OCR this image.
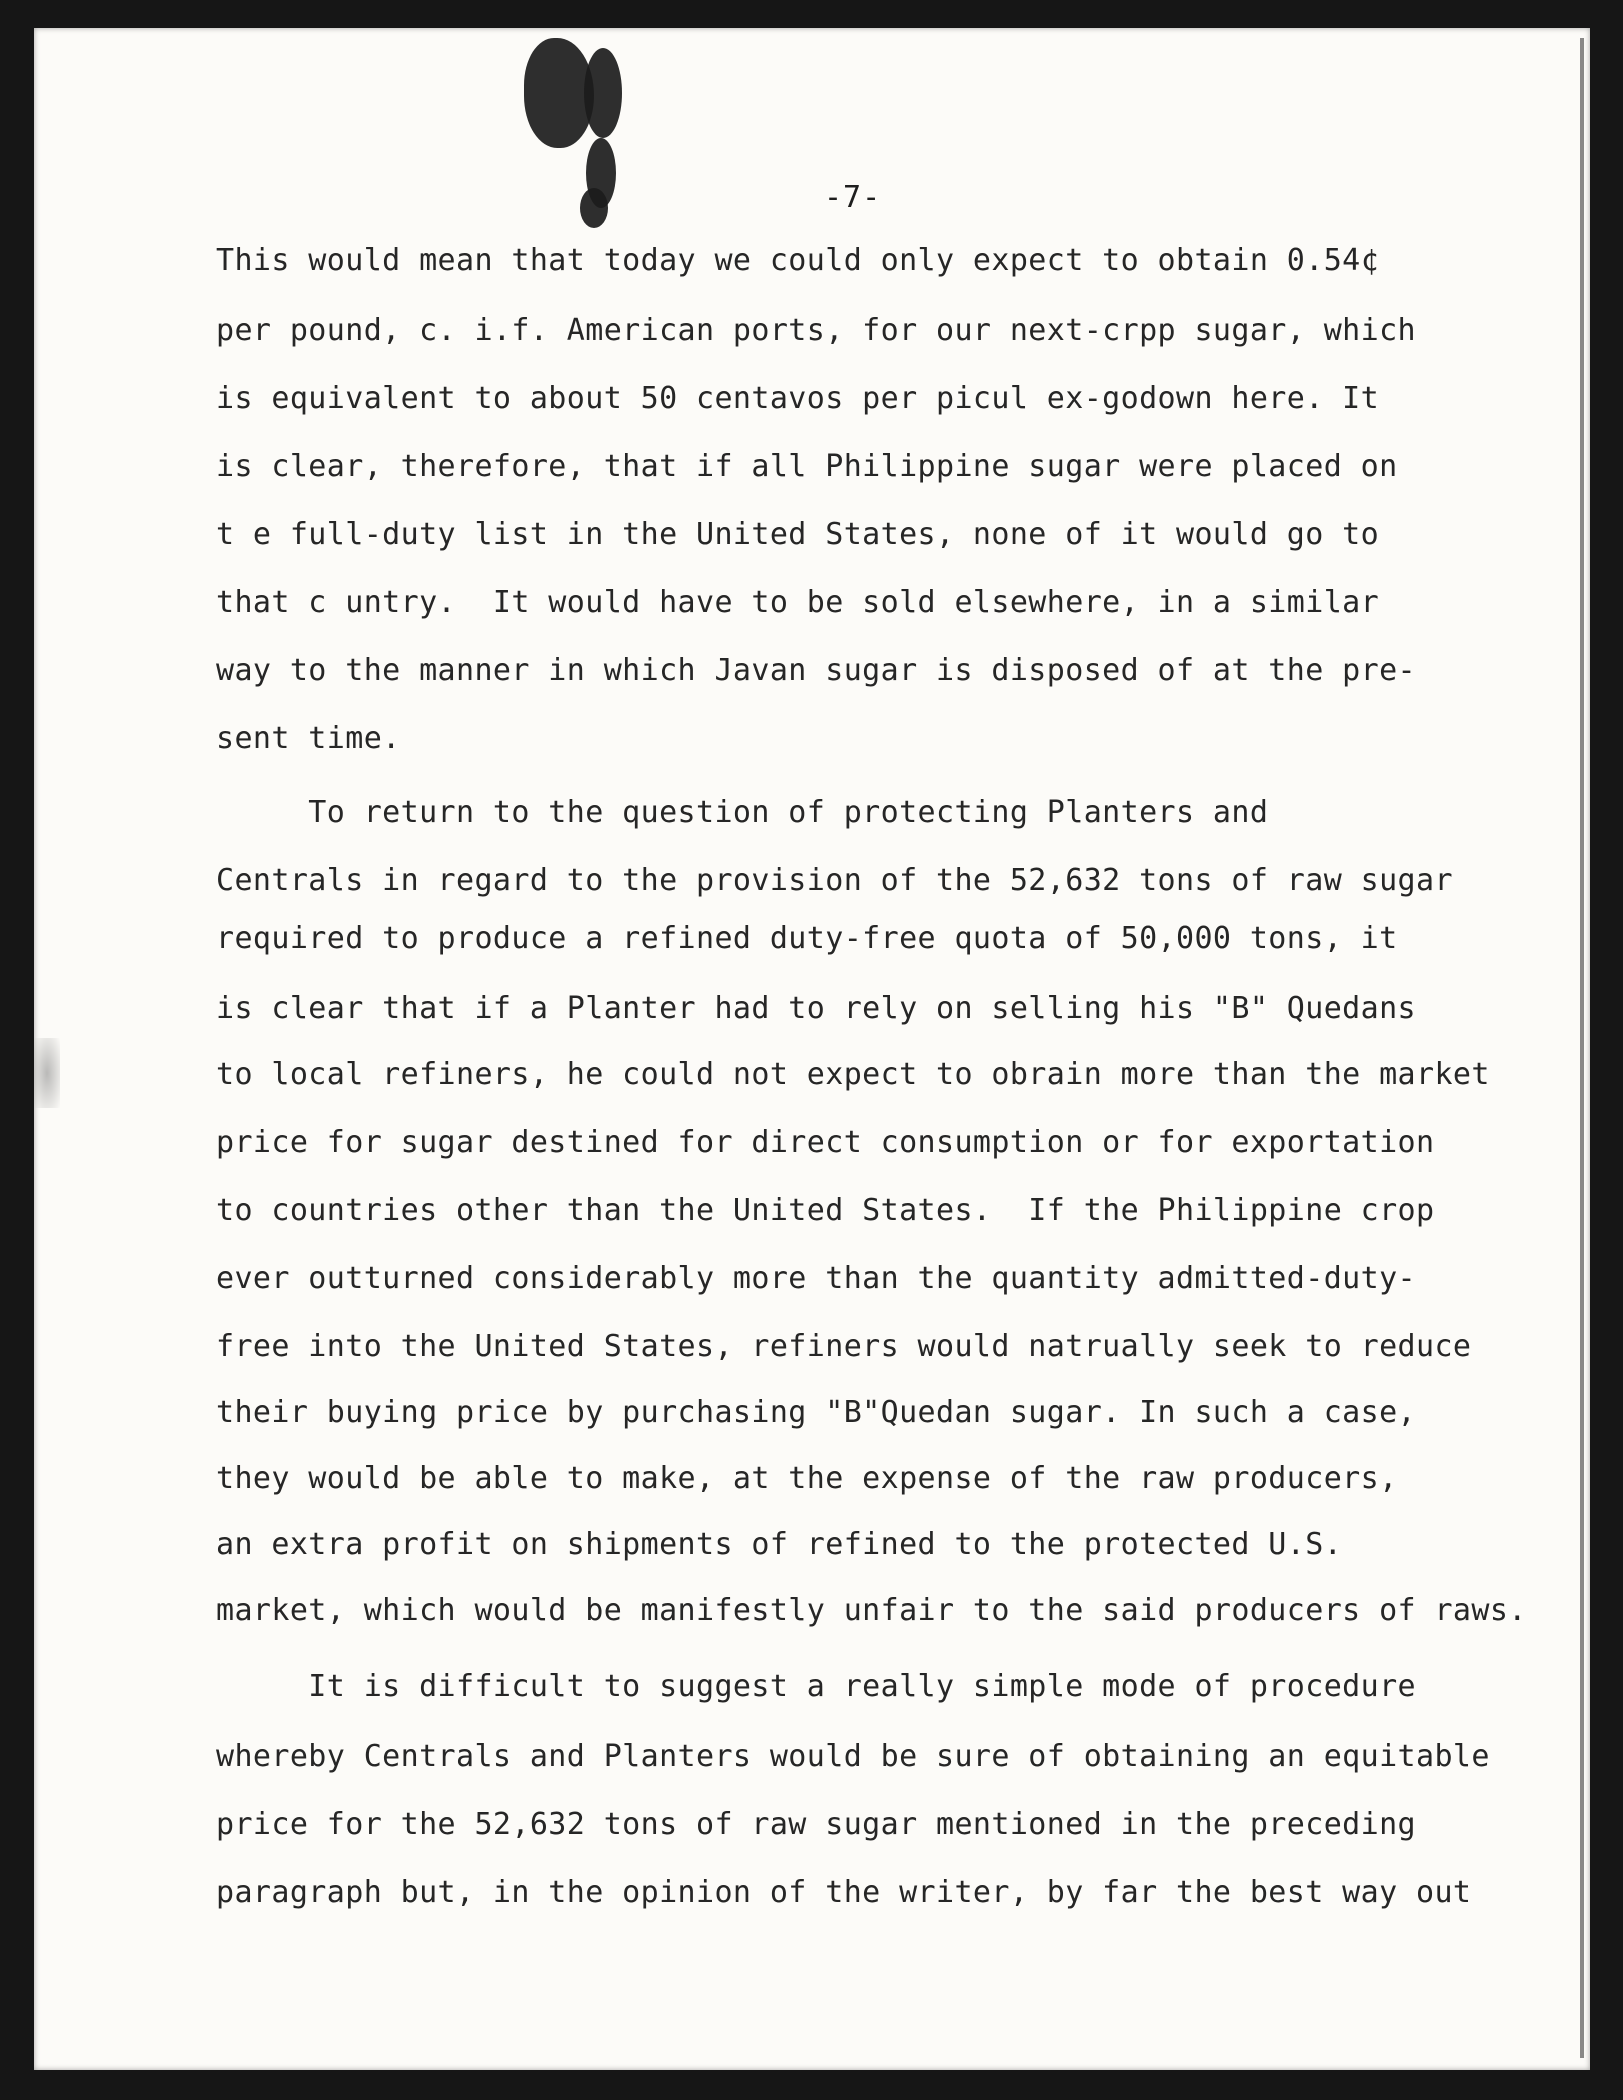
-7-
This would mean that today we could only expect to obtain 0.54¢
per pound, c. i.f. American ports, for our next-crpp sugar, which
is equivalent to about 50 centavos per picul ex-godown here. It
is clear, therefore, that if all Philippine sugar were placed on
t e full-duty list in the United States, none of it would go to
that c untry.  It would have to be sold elsewhere, in a similar
way to the manner in which Javan sugar is disposed of at the pre-
sent time.
To return to the question of protecting Planters and
Centrals in regard to the provision of the 52,632 tons of raw sugar
required to produce a refined duty-free quota of 50,000 tons, it
is clear that if a Planter had to rely on selling his "B" Quedans
to local refiners, he could not expect to obrain more than the market
price for sugar destined for direct consumption or for exportation
to countries other than the United States.  If the Philippine crop
ever outturned considerably more than the quantity admitted-duty-
free into the United States, refiners would natrually seek to reduce
their buying price by purchasing "B"Quedan sugar. In such a case,
they would be able to make, at the expense of the raw producers,
an extra profit on shipments of refined to the protected U.S.
market, which would be manifestly unfair to the said producers of raws.
It is difficult to suggest a really simple mode of procedure
whereby Centrals and Planters would be sure of obtaining an equitable
price for the 52,632 tons of raw sugar mentioned in the preceding
paragraph but, in the opinion of the writer, by far the best way out
